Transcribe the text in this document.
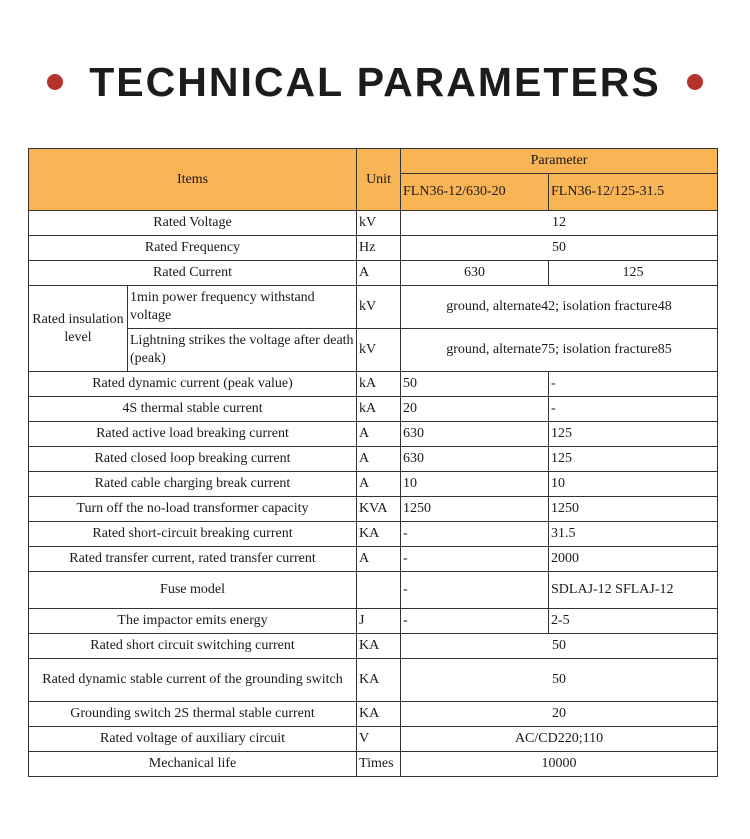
TECHNICAL PARAMETERS
Items		Unit	Parameter	
			FLN36-12/630-20	FLN36-12/125-31.5
Rated Voltage		kV	12	
Rated Frequency		Hz	50	
Rated Current		A	630	125
Rated insulation level	1min power frequency withstand voltage	kV	ground, alternate42; isolation fracture48	
	Lightning strikes the voltage after death (peak)	kV	ground, alternate75; isolation fracture85	
Rated dynamic current (peak value)		kA	50	-
4S thermal stable current		kA	20	-
Rated active load breaking current		A	630	125
Rated closed loop breaking current		A	630	125
Rated cable charging break current		A	10	10
Turn off the no-load transformer capacity		KVA	1250	1250
Rated short-circuit breaking current		KA	-	31.5
Rated transfer current, rated transfer current		A	-	2000
Fuse model			-	SDLAJ-12 SFLAJ-12
The impactor emits energy		J	-	2-5
Rated short circuit switching current		KA	50	
Rated dynamic stable current of the grounding switch		KA	50	
Grounding switch 2S thermal stable current		KA	20	
Rated voltage of auxiliary circuit		V	AC/CD220;110	
Mechanical life		Times	10000	
